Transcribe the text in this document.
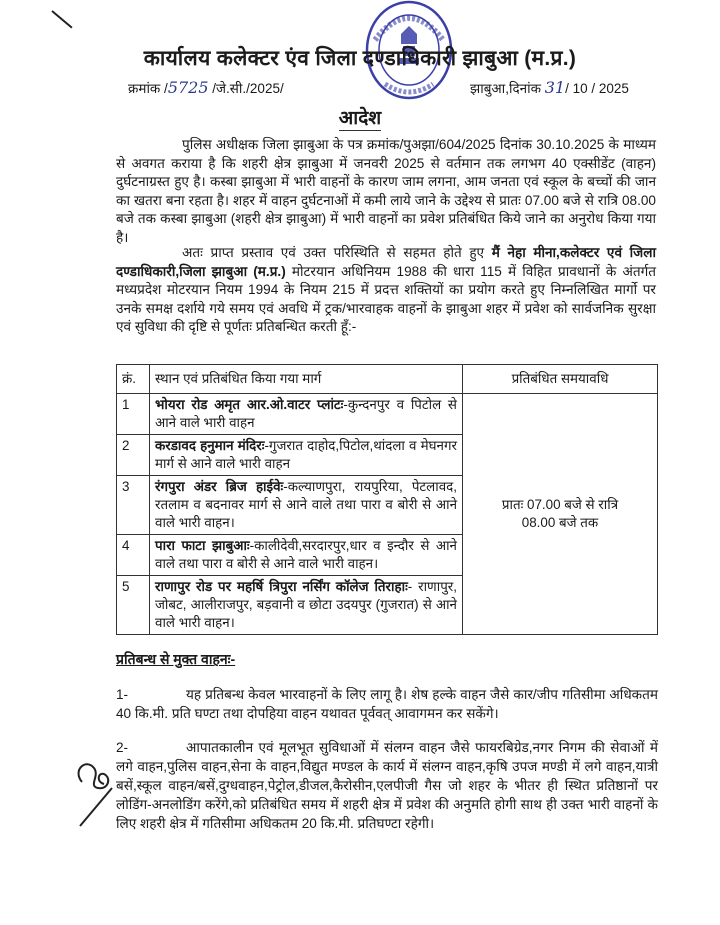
कार्यालय कलेक्टर एंव जिला दण्डाधिकारी झाबुआ (म.प्र.)
क्रमांक /5725 /जे.सी./2025/	झाबुआ,दिनांक 31/ 10 / 2025
आदेश
पुलिस अधीक्षक जिला झाबुआ के पत्र क्रमांक/पुअझा/604/2025 दिनांक 30.10.2025 के माध्यम से अवगत कराया है कि शहरी क्षेत्र झाबुआ में जनवरी 2025 से वर्तमान तक लगभग 40 एक्सीडेंट (वाहन) दुर्घटनाग्रस्त हुए है। कस्बा झाबुआ में भारी वाहनों के कारण जाम लगना, आम जनता एवं स्कूल के बच्चों की जान का खतरा बना रहता है। शहर में वाहन दुर्घटनाओं में कमी लाये जाने के उद्देश्य से प्रातः 07.00 बजे से रात्रि 08.00 बजे तक कस्बा झाबुआ (शहरी क्षेत्र झाबुआ) में भारी वाहनों का प्रवेश प्रतिबंधित किये जाने का अनुरोध किया गया है।
अतः प्राप्त प्रस्ताव एवं उक्त परिस्थिति से सहमत होते हुए मैं नेहा मीना,कलेक्टर एवं जिला दण्डाधिकारी,जिला झाबुआ (म.प्र.) मोटरयान अधिनियम 1988 की धारा 115 में विहित प्रावधानों के अंतर्गत मध्यप्रदेश मोटरयान नियम 1994 के नियम 215 में प्रदत्त शक्तियों का प्रयोग करते हुए निम्नलिखित मार्गो पर उनके समक्ष दर्शाये गये समय एवं अवधि में ट्रक/भारवाहक वाहनों के झाबुआ शहर में प्रवेश को सार्वजनिक सुरक्षा एवं सुविधा की दृष्टि से पूर्णतः प्रतिबन्धित करती हूँ:-
क्रं.	स्थान एवं प्रतिबंधित किया गया मार्ग	प्रतिबंधित समयावधि
1	भोयरा रोड अमृत आर.ओ.वाटर प्लांटः-कुन्दनपुर व पिटोल से आने वाले भारी वाहन	प्रातः 07.00 बजे से रात्रि
08.00 बजे तक

2	करडावद हनुमान मंदिरः-गुजरात दाहोद,पिटोल,थांदला व मेघनगर मार्ग से आने वाले भारी वाहन	
3	रंगपुरा अंडर ब्रिज हाईवेः-कल्याणपुरा, रायपुरिया, पेटलावद, रतलाम व बदनावर मार्ग से आने वाले तथा पारा व बोरी से आने वाले भारी वाहन।	
4	पारा फाटा झाबुआः-कालीदेवी,सरदारपुर,धार व इन्दौर से आने वाले तथा पारा व बोरी से आने वाले भारी वाहन।	
5	राणापुर रोड पर महर्षि त्रिपुरा नर्सिंग कॉलेज तिराहाः- राणापुर, जोबट, आलीराजपुर, बड़वानी व छोटा उदयपुर (गुजरात) से आने वाले भारी वाहन।	
प्रतिबन्ध से मुक्त वाहनः-
1-	यह प्रतिबन्ध केवल भारवाहनों के लिए लागू है। शेष हल्के वाहन जैसे कार/जीप गतिसीमा अधिकतम 40 कि.मी. प्रति घण्टा तथा दोपहिया वाहन यथावत पूर्ववत् आवागमन कर सकेंगे।
2-	आपातकालीन एवं मूलभूत सुविधाओं में संलग्न वाहन जैसे फायरबिग्रेड,नगर निगम की सेवाओं में लगे वाहन,पुलिस वाहन,सेना के वाहन,विद्युत मण्डल के कार्य में संलग्न वाहन,कृषि उपज मण्डी में लगे वाहन,यात्री बसें,स्कूल वाहन/बसें,दुग्धवाहन,पेट्रोल,डीजल,कैरोसीन,एलपीजी गैस जो शहर के भीतर ही स्थित प्रतिष्ठानों पर लोडिंग-अनलोडिंग करेंगे,को प्रतिबंधित समय में शहरी क्षेत्र में प्रवेश की अनुमति होगी साथ ही उक्त भारी वाहनों के लिए शहरी क्षेत्र में गतिसीमा अधिकतम 20 कि.मी. प्रतिघण्टा रहेगी।
